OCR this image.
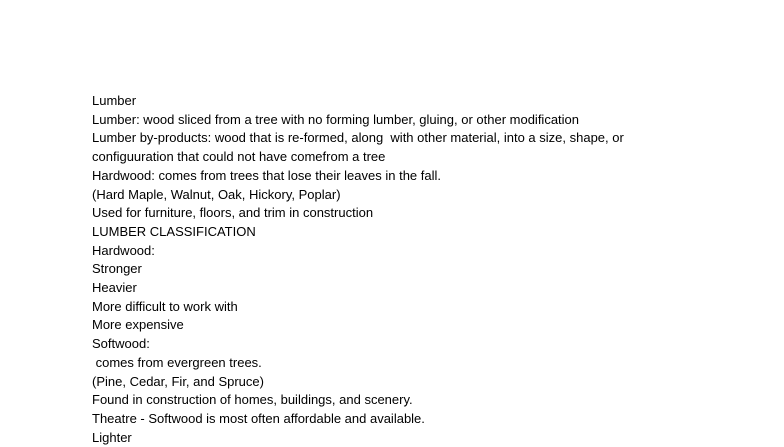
Lumber
Lumber: wood sliced from a tree with no forming lumber, gluing, or other modification
Lumber by-products: wood that is re-formed, along  with other material, into a size, shape, or
configuuration that could not have comefrom a tree
Hardwood: comes from trees that lose their leaves in the fall.
(Hard Maple, Walnut, Oak, Hickory, Poplar)
Used for furniture, floors, and trim in construction
LUMBER CLASSIFICATION
Hardwood:
Stronger
Heavier
More difficult to work with
More expensive
Softwood:
comes from evergreen trees.
(Pine, Cedar, Fir, and Spruce)
Found in construction of homes, buildings, and scenery.
Theatre - Softwood is most often affordable and available.
Lighter
